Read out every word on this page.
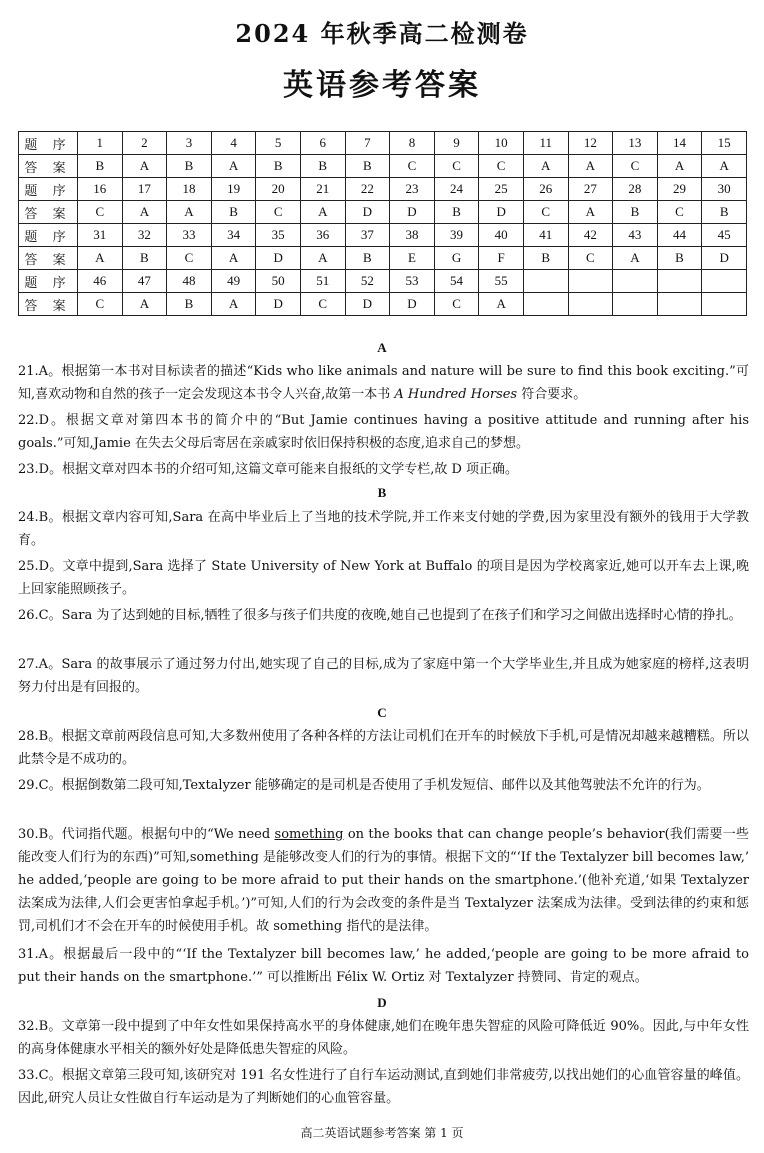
2024 年秋季高二检测卷
英语参考答案
题 序	1	2	3	4	5	6	7	8	9	10	11	12	13	14	15
答 案	B	A	B	A	B	B	B	C	C	C	A	A	C	A	A
题 序	16	17	18	19	20	21	22	23	24	25	26	27	28	29	30
答 案	C	A	A	B	C	A	D	D	B	D	C	A	B	C	B
题 序	31	32	33	34	35	36	37	38	39	40	41	42	43	44	45
答 案	A	B	C	A	D	A	B	E	G	F	B	C	A	B	D
题 序	46	47	48	49	50	51	52	53	54	55					
答 案	C	A	B	A	D	C	D	D	C	A					
A
21.A。根据第一本书对目标读者的描述“Kids who like animals and nature will be sure to find this book exciting.”可知,喜欢动物和自然的孩子一定会发现这本书令人兴奋,故第一本书 A Hundred Horses 符合要求。
22.D。根据文章对第四本书的简介中的“But Jamie continues having a positive attitude and running after his goals.”可知,Jamie 在失去父母后寄居在亲戚家时依旧保持积极的态度,追求自己的梦想。
23.D。根据文章对四本书的介绍可知,这篇文章可能来自报纸的文学专栏,故 D 项正确。
B
24.B。根据文章内容可知,Sara 在高中毕业后上了当地的技术学院,并工作来支付她的学费,因为家里没有额外的钱用于大学教育。
25.D。文章中提到,Sara 选择了 State University of New York at Buffalo 的项目是因为学校离家近,她可以开车去上课,晚上回家能照顾孩子。
26.C。Sara 为了达到她的目标,牺牲了很多与孩子们共度的夜晚,她自己也提到了在孩子们和学习之间做出选择时心情的挣扎。
27.A。Sara 的故事展示了通过努力付出,她实现了自己的目标,成为了家庭中第一个大学毕业生,并且成为她家庭的榜样,这表明努力付出是有回报的。
C
28.B。根据文章前两段信息可知,大多数州使用了各种各样的方法让司机们在开车的时候放下手机,可是情况却越来越糟糕。所以此禁令是不成功的。
29.C。根据倒数第二段可知,Textalyzer 能够确定的是司机是否使用了手机发短信、邮件以及其他驾驶法不允许的行为。
30.B。代词指代题。根据句中的“We need something on the books that can change people’s behavior(我们需要一些能改变人们行为的东西)”可知,something 是能够改变人们的行为的事情。根据下文的“‘If the Textalyzer bill becomes law,’ he added,‘people are going to be more afraid to put their hands on the smartphone.’(他补充道,‘如果 Textalyzer 法案成为法律,人们会更害怕拿起手机。’)”可知,人们的行为会改变的条件是当 Textalyzer 法案成为法律。受到法律的约束和惩罚,司机们才不会在开车的时候使用手机。故 something 指代的是法律。
31.A。根据最后一段中的“‘If the Textalyzer bill becomes law,’ he added,‘people are going to be more afraid to put their hands on the smartphone.’” 可以推断出 Félix W. Ortiz 对 Textalyzer 持赞同、肯定的观点。
D
32.B。文章第一段中提到了中年女性如果保持高水平的身体健康,她们在晚年患失智症的风险可降低近 90%。因此,与中年女性的高身体健康水平相关的额外好处是降低患失智症的风险。
33.C。根据文章第三段可知,该研究对 191 名女性进行了自行车运动测试,直到她们非常疲劳,以找出她们的心血管容量的峰值。因此,研究人员让女性做自行车运动是为了判断她们的心血管容量。
高二英语试题参考答案 第 1 页
